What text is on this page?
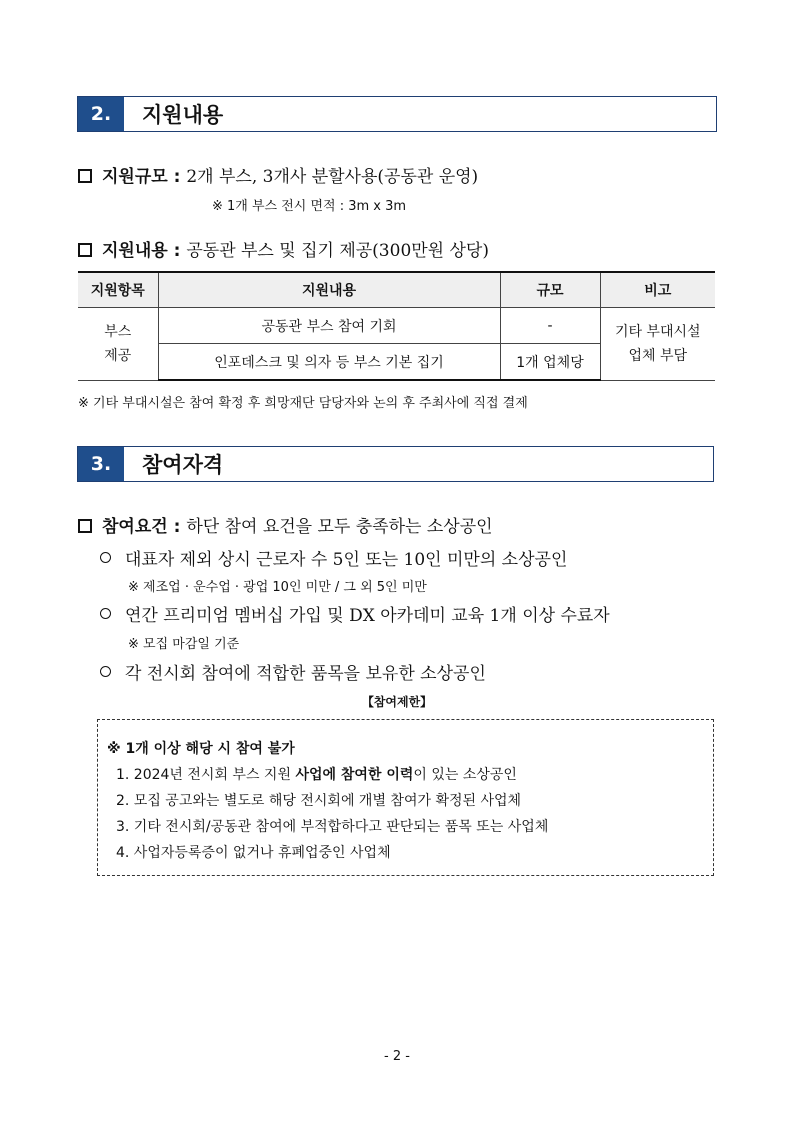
2.	지원내용
지원규모 : 2개 부스, 3개사 분할사용(공동관 운영)
※ 1개 부스 전시 면적 : 3m x 3m
지원내용 : 공동관 부스 및 집기 제공(300만원 상당)
지원항목	지원내용	규모	비고
부스
제공	공동관 부스 참여 기회	-	기타 부대시설
업체 부담
	인포데스크 및 의자 등 부스 기본 집기	1개 업체당	
※ 기타 부대시설은 참여 확정 후 희망재단 담당자와 논의 후 주최사에 직접 결제
3.	참여자격
참여요건 : 하단 참여 요건을 모두 충족하는 소상공인
대표자 제외 상시 근로자 수 5인 또는 10인 미만의 소상공인
※ 제조업 · 운수업 · 광업 10인 미만 / 그 외 5인 미만
연간 프리미엄 멤버십 가입 및 DX 아카데미 교육 1개 이상 수료자
※ 모집 마감일 기준
각 전시회 참여에 적합한 품목을 보유한 소상공인
【참여제한】
※ 1개 이상 해당 시 참여 불가
1. 2024년 전시회 부스 지원 사업에 참여한 이력이 있는 소상공인
2. 모집 공고와는 별도로 해당 전시회에 개별 참여가 확정된 사업체
3. 기타 전시회/공동관 참여에 부적합하다고 판단되는 품목 또는 사업체
4. 사업자등록증이 없거나 휴폐업중인 사업체
- 2 -
